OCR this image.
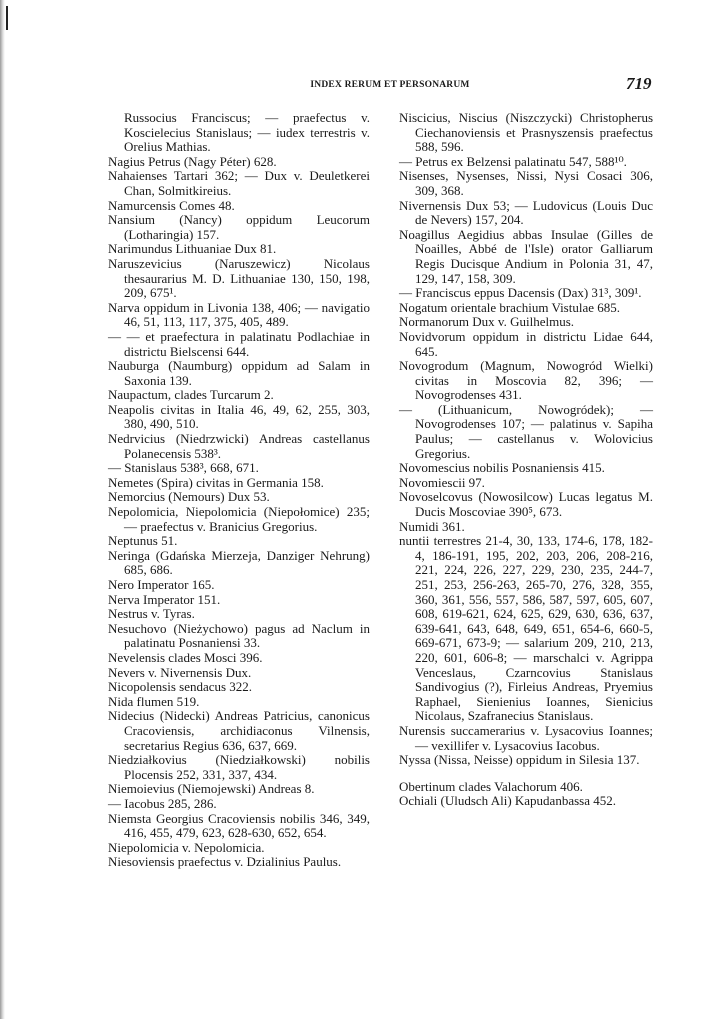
INDEX RERUM ET PERSONARUM	719

Russocius Franciscus; — praefectus v. Koscielecius Stanislaus; — iudex terrestris v. Orelius Mathias.

Nagius Petrus (Nagy Péter) 628.

Nahaienses Tartari 362; — Dux v. Deuletkerei Chan, Solmitkireius.

Namurcensis Comes 48.

Nansium (Nancy) oppidum Leucorum (Lotharingia) 157.

Narimundus Lithuaniae Dux 81.

Naruszevicius (Naruszewicz) Nicolaus thesaurarius M. D. Lithuaniae 130, 150, 198, 209, 675¹.

Narva oppidum in Livonia 138, 406; — navigatio 46, 51, 113, 117, 375, 405, 489.

— — et praefectura in palatinatu Podlachiae in districtu Bielscensi 644.

Nauburga (Naumburg) oppidum ad Salam in Saxonia 139.

Naupactum, clades Turcarum 2.

Neapolis civitas in Italia 46, 49, 62, 255, 303, 380, 490, 510.

Nedrvicius (Niedrzwicki) Andreas castellanus Polanecensis 538³.

— Stanislaus 538³, 668, 671.

Nemetes (Spira) civitas in Germania 158.

Nemorcius (Nemours) Dux 53.

Nepolomicia, Niepolomicia (Niepołomice) 235; — praefectus v. Branicius Gregorius.

Neptunus 51.

Neringa (Gdańska Mierzeja, Danziger Nehrung) 685, 686.

Nero Imperator 165.

Nerva Imperator 151.

Nestrus v. Tyras.

Nesuchovo (Nieżychowo) pagus ad Naclum in palatinatu Posnaniensi 33.

Nevelensis clades Mosci 396.

Nevers v. Nivernensis Dux.

Nicopolensis sendacus 322.

Nida flumen 519.

Nidecius (Nidecki) Andreas Patricius, canonicus Cracoviensis, archidiaconus Vilnensis, secretarius Regius 636, 637, 669.

Niedziałkovius (Niedziałkowski) nobilis Plocensis 252, 331, 337, 434.

Niemoievius (Niemojewski) Andreas 8.

— Iacobus 285, 286.

Niemsta Georgius Cracoviensis nobilis 346, 349, 416, 455, 479, 623, 628-630, 652, 654.

Niepolomicia v. Nepolomicia.

Niesoviensis praefectus v. Dzialinius Paulus.

Niscicius, Niscius (Niszczycki) Christopherus Ciechanoviensis et Prasnyszensis praefectus 588, 596.

— Petrus ex Belzensi palatinatu 547, 588¹⁰.

Nisenses, Nysenses, Nissi, Nysi Cosaci 306, 309, 368.

Nivernensis Dux 53; — Ludovicus (Louis Duc de Nevers) 157, 204.

Noagillus Aegidius abbas Insulae (Gilles de Noailles, Abbé de l'Isle) orator Galliarum Regis Ducisque Andium in Polonia 31, 47, 129, 147, 158, 309.

— Franciscus eppus Dacensis (Dax) 31³, 309¹.

Nogatum orientale brachium Vistulae 685.

Normanorum Dux v. Guilhelmus.

Novidvorum oppidum in districtu Lidae 644, 645.

Novogrodum (Magnum, Nowogród Wielki) civitas in Moscovia 82, 396; — Novogrodenses 431.

— (Lithuanicum, Nowogródek); — Novogrodenses 107; — palatinus v. Sapiha Paulus; — castellanus v. Wolovicius Gregorius.

Novomescius nobilis Posnaniensis 415.

Novomiescii 97.

Novoselcovus (Nowosilcow) Lucas legatus M. Ducis Moscoviae 390⁵, 673.

Numidi 361.

nuntii terrestres 21-4, 30, 133, 174-6, 178, 182-4, 186-191, 195, 202, 203, 206, 208-216, 221, 224, 226, 227, 229, 230, 235, 244-7, 251, 253, 256-263, 265-70, 276, 328, 355, 360, 361, 556, 557, 586, 587, 597, 605, 607, 608, 619-621, 624, 625, 629, 630, 636, 637, 639-641, 643, 648, 649, 651, 654-6, 660-5, 669-671, 673-9; — salarium 209, 210, 213, 220, 601, 606-8; — marschalci v. Agrippa Venceslaus, Czarncovius Stanislaus Sandivogius (?), Firleius Andreas, Pryemius Raphael, Sienienius Ioannes, Sienicius Nicolaus, Szafranecius Stanislaus.

Nurensis succamerarius v. Lysacovius Ioannes; — vexillifer v. Lysacovius Iacobus.

Nyssa (Nissa, Neisse) oppidum in Silesia 137.

Obertinum clades Valachorum 406.

Ochiali (Uludsch Ali) Kapudanbassa 452.
